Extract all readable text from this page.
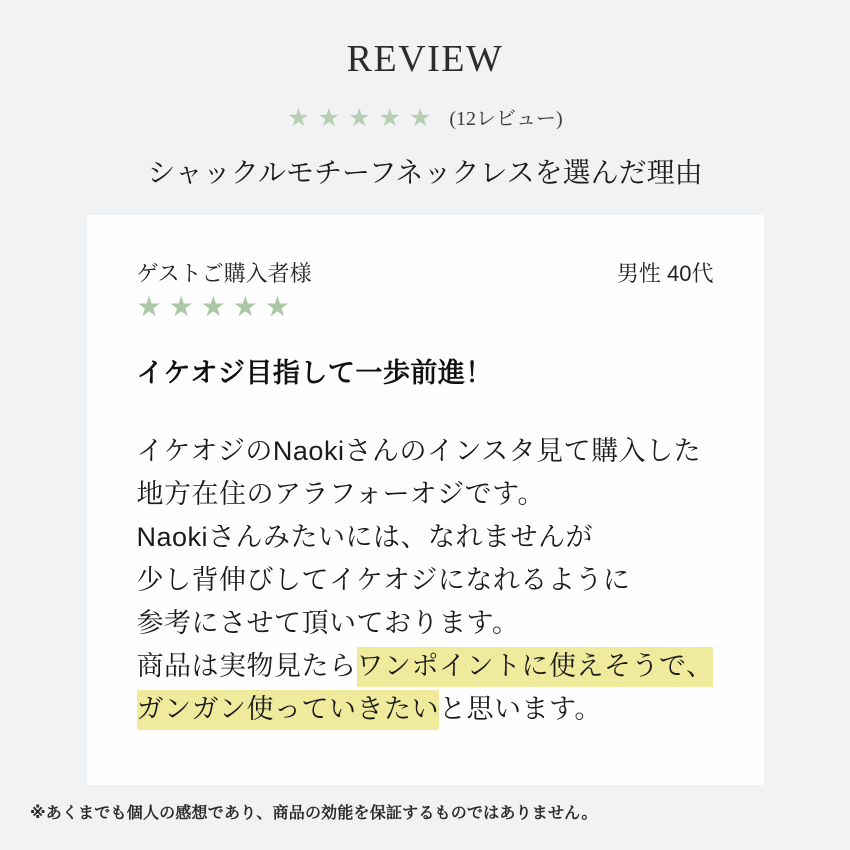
REVIEW
★★★★★ (12レビュー)
シャックルモチーフネックレスを選んだ理由
ゲストご購入者様	男性 40代
★★★★★
イケオジ目指して一歩前進！

イケオジのNaokiさんのインスタ見て購入した

地方在住のアラフォーオジです。

Naokiさんみたいには、なれませんが

少し背伸びしてイケオジになれるように

参考にさせて頂いております。

商品は実物見たらワンポイントに使えそうで、

ガンガン使っていきたいと思います。

※あくまでも個人の感想であり、商品の効能を保証するものではありません。
